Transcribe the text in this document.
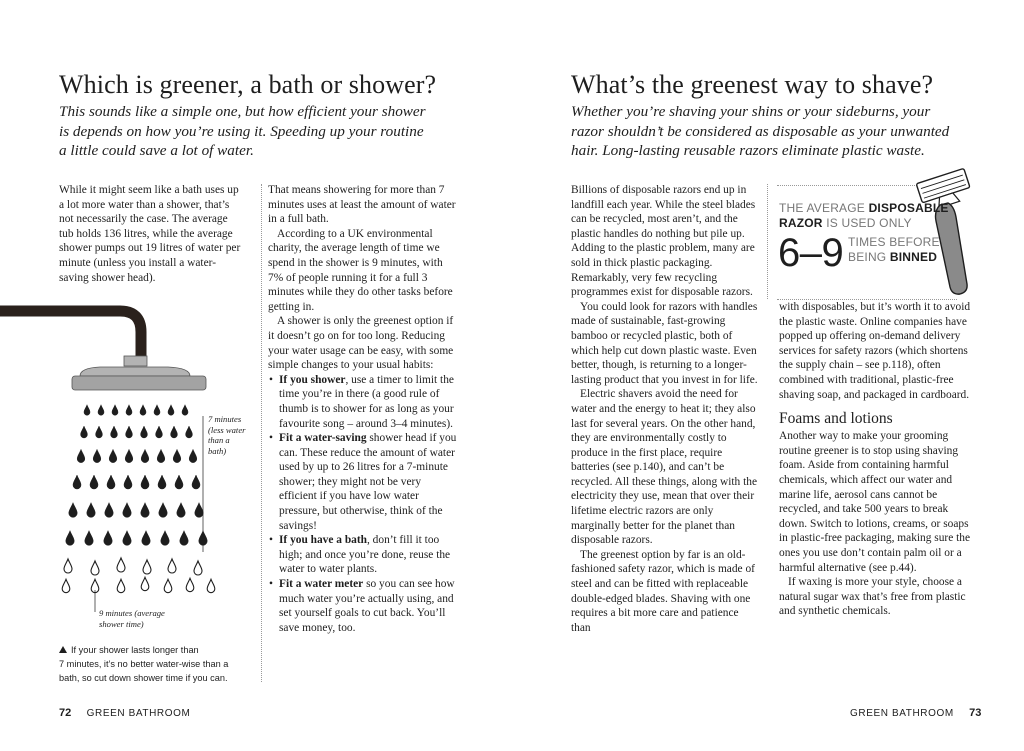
Which is greener, a bath or shower?
This sounds like a simple one, but how efficient your shower
is depends on how you’re using it. Speeding up your routine
a little could save a lot of water.

While it might seem like a bath uses up a lot more water than a shower, that’s not necessarily the case. The average tub holds 136 litres, while the average shower pumps out 19 litres of water per minute (unless you install a water-saving shower head).

That means showering for more than 7 minutes uses at least the amount of water in a full bath.

According to a UK environmental charity, the average length of time we spend in the shower is 9 minutes, with 7% of people running it for a full 3 minutes while they do other tasks before getting in.

A shower is only the greenest option if it doesn’t go on for too long. Reducing your water usage can be easy, with some simple changes to your usual habits:

• If you shower, use a timer to limit the time you’re in there (a good rule of thumb is to shower for as long as your favourite song – around 3–4 minutes).
• Fit a water-saving shower head if you can. These reduce the amount of water used by up to 26 litres for a 7-minute shower; they might not be very efficient if you have low water pressure, but otherwise, think of the savings!
• If you have a bath, don’t fill it too high; and once you’re done, reuse the water to water plants.
• Fit a water meter so you can see how much water you’re actually using, and set yourself goals to cut back. You’ll save money, too.
7 minutes
(less water
than a
bath)
9 minutes (average
shower time)
If your shower lasts longer than
7 minutes, it’s no better water-wise than a
bath, so cut down shower time if you can.
72 GREEN BATHROOM
What’s the greenest way to shave?
Whether you’re shaving your shins or your sideburns, your
razor shouldn’t be considered as disposable as your unwanted
hair. Long-lasting reusable razors eliminate plastic waste.

Billions of disposable razors end up in landfill each year. While the steel blades can be recycled, most aren’t, and the plastic handles do nothing but pile up. Adding to the plastic problem, many are sold in thick plastic packaging. Remarkably, very few recycling programmes exist for disposable razors.

You could look for razors with handles made of sustainable, fast-growing bamboo or recycled plastic, both of which help cut down plastic waste. Even better, though, is returning to a longer-lasting product that you invest in for life.

Electric shavers avoid the need for water and the energy to heat it; they also last for several years. On the other hand, they are environmentally costly to produce in the first place, require batteries (see p.140), and can’t be recycled. All these things, along with the electricity they use, mean that over their lifetime electric razors are only marginally better for the planet than disposable razors.

The greenest option by far is an old-fashioned safety razor, which is made of steel and can be fitted with replaceable double-edged blades. Shaving with one requires a bit more care and patience than

THE AVERAGE DISPOSABLE
RAZOR IS USED ONLY
6–9 TIMES BEFORE
BEING BINNED

with disposables, but it’s worth it to avoid the plastic waste. Online companies have popped up offering on-demand delivery services for safety razors (which shortens the supply chain – see p.118), often combined with traditional, plastic-free shaving soap, and packaged in cardboard.

Foams and lotions

Another way to make your grooming routine greener is to stop using shaving foam. Aside from containing harmful chemicals, which affect our water and marine life, aerosol cans cannot be recycled, and take 500 years to break down. Switch to lotions, creams, or soaps in plastic-free packaging, making sure the ones you use don’t contain palm oil or a harmful alternative (see p.44).

If waxing is more your style, choose a natural sugar wax that’s free from plastic and synthetic chemicals.

GREEN BATHROOM 73
